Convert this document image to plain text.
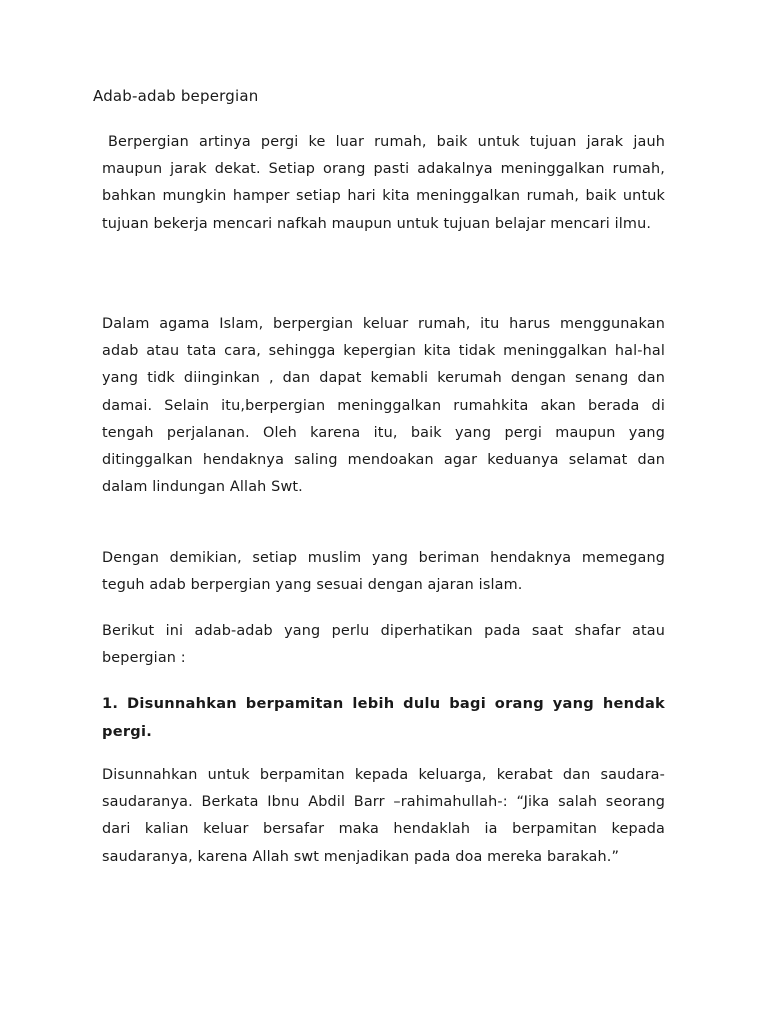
Adab-adab bepergian

Berpergian artinya pergi ke luar rumah, baik untuk tujuan jarak jauh maupun jarak dekat. Setiap orang pasti adakalnya meninggalkan rumah, bahkan mungkin hamper setiap hari kita meninggalkan rumah, baik untuk tujuan bekerja mencari nafkah maupun untuk tujuan belajar mencari ilmu.

Dalam agama Islam, berpergian keluar rumah, itu harus menggunakan adab atau tata cara, sehingga kepergian kita tidak meninggalkan hal-hal yang tidk diinginkan , dan dapat kemabli kerumah dengan senang dan damai. Selain itu,berpergian meninggalkan rumahkita akan berada di tengah perjalanan. Oleh karena itu, baik yang pergi maupun yang ditinggalkan hendaknya saling mendoakan agar keduanya selamat dan dalam lindungan Allah Swt.

Dengan demikian, setiap muslim yang beriman hendaknya memegang teguh adab berpergian yang sesuai dengan ajaran islam.

Berikut ini adab-adab yang perlu diperhatikan pada saat shafar atau bepergian :

1. Disunnahkan berpamitan lebih dulu bagi orang yang hendak pergi.

Disunnahkan untuk berpamitan kepada keluarga, kerabat dan saudara-saudaranya. Berkata Ibnu Abdil Barr –rahimahullah-: “Jika salah seorang dari kalian keluar bersafar maka hendaklah ia berpamitan kepada saudaranya, karena Allah swt menjadikan pada doa mereka barakah.”
